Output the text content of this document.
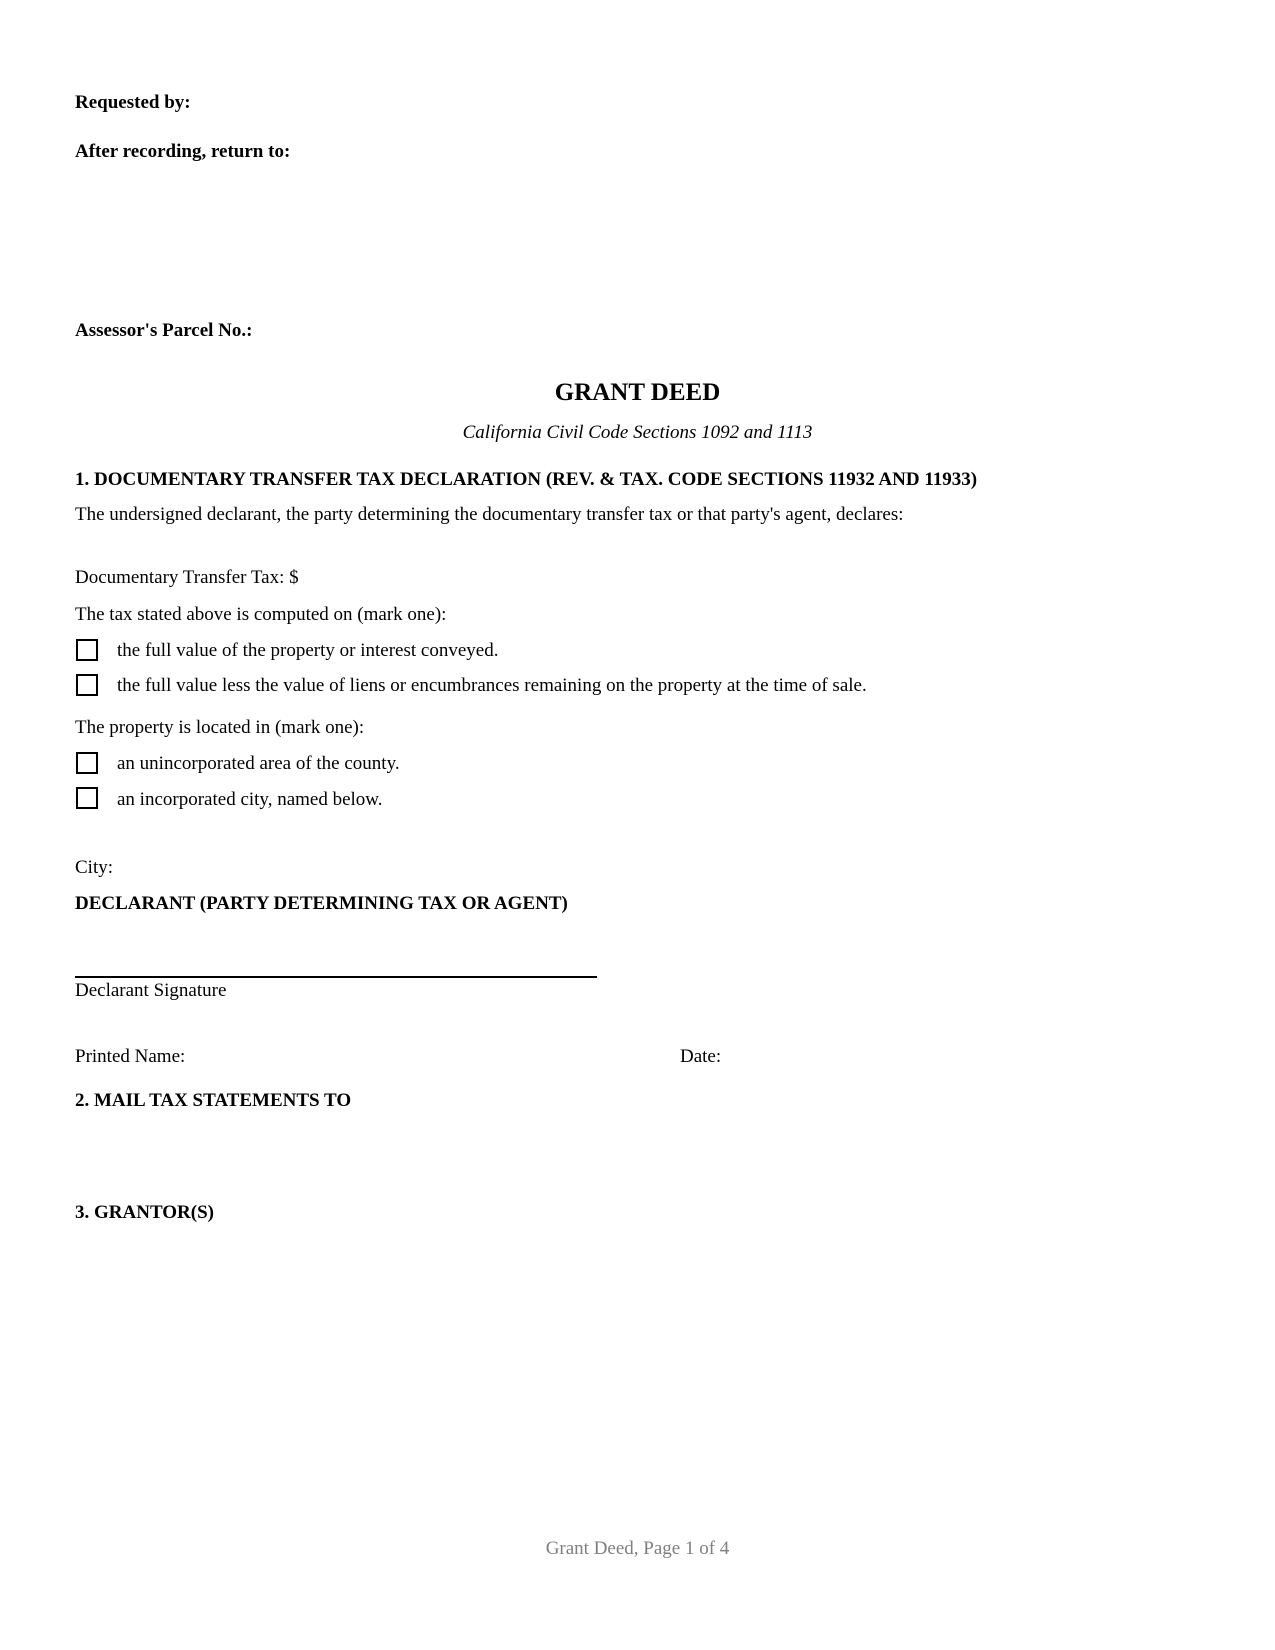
Requested by:
After recording, return to:
Assessor's Parcel No.:
GRANT DEED
California Civil Code Sections 1092 and 1113
1. DOCUMENTARY TRANSFER TAX DECLARATION (REV. & TAX. CODE SECTIONS 11932 AND 11933)
The undersigned declarant, the party determining the documentary transfer tax or that party's agent, declares:
Documentary Transfer Tax: $
The tax stated above is computed on (mark one):
the full value of the property or interest conveyed.
the full value less the value of liens or encumbrances remaining on the property at the time of sale.
The property is located in (mark one):
an unincorporated area of the county.
an incorporated city, named below.
City:
DECLARANT (PARTY DETERMINING TAX OR AGENT)
Declarant Signature
Printed Name:	Date:
2. MAIL TAX STATEMENTS TO
3. GRANTOR(S)
Grant Deed, Page 1 of 4
